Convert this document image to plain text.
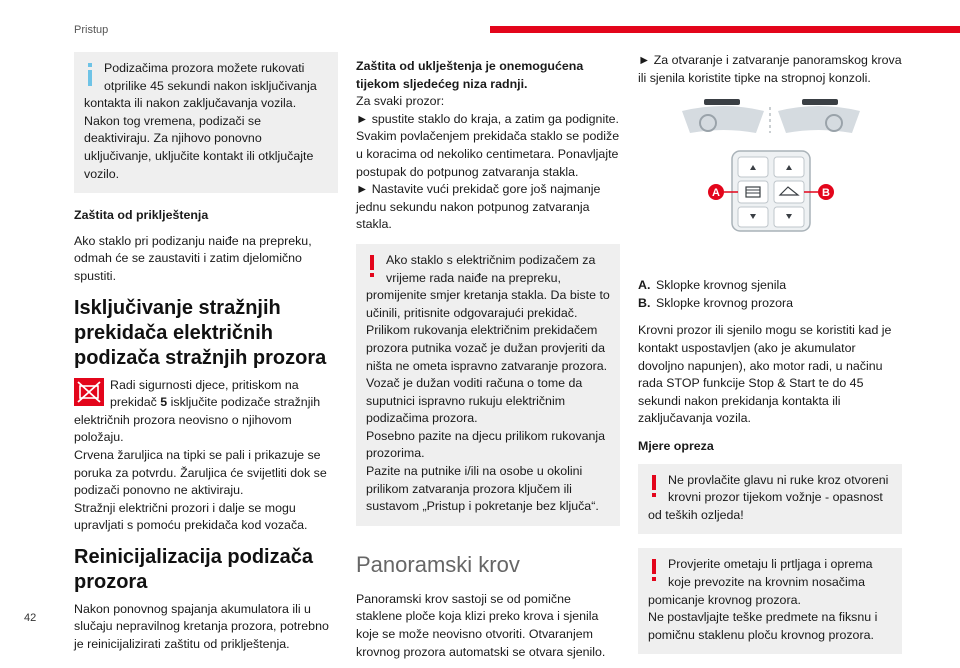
Pristup

Podizačima prozora možete rukovati otprilike 45 sekundi nakon isključivanja

kontakta ili nakon zaključavanja vozila. Nakon tog vremena, podizači se deaktiviraju. Za njihovo ponovno uključivanje, uključite kontakt ili otključajte vozilo.

Zaštita od priklještenja

Ako staklo pri podizanju naiđe na prepreku, odmah će se zaustaviti i zatim djelomično spustiti.

Isključivanje stražnjih prekidača električnih podizača stražnjih prozora

Radi sigurnosti djece, pritiskom na prekidač 5 isključite podizače stražnjih električnih prozora neovisno o njihovom položaju.

Crvena žaruljica na tipki se pali i prikazuje se poruka za potvrdu. Žaruljica će svijetliti dok se podizači ponovno ne aktiviraju.

Stražnji električni prozori i dalje se mogu upravljati s pomoću prekidača kod vozača.

Reinicijalizacija podizača prozora

Nakon ponovnog spajanja akumulatora ili u slučaju nepravilnog kretanja prozora, potrebno je reinicijalizirati zaštitu od priklještenja.

Zaštita od uklještenja je onemogućena tijekom sljedećeg niza radnji.

Za svaki prozor:

► spustite staklo do kraja, a zatim ga podignite. Svakim povlačenjem prekidača staklo se podiže u koracima od nekoliko centimetara. Ponavljajte postupak do potpunog zatvaranja stakla.

► Nastavite vući prekidač gore još najmanje jednu sekundu nakon potpunog zatvaranja stakla.

Ako staklo s električnim podizačem za vrijeme rada naiđe na prepreku,

promijenite smjer kretanja stakla. Da biste to učinili, pritisnite odgovarajući prekidač.

Prilikom rukovanja električnim prekidačem prozora putnika vozač je dužan provjeriti da ništa ne ometa ispravno zatvaranje prozora.

Vozač je dužan voditi računa o tome da suputnici ispravno rukuju električnim podizačima prozora.

Posebno pazite na djecu prilikom rukovanja prozorima.

Pazite na putnike i/ili na osobe u okolini prilikom zatvaranja prozora ključem ili sustavom „Pristup i pokretanje bez ključa“.

Panoramski krov

Panoramski krov sastoji se od pomične staklene ploče koja klizi preko krova i sjenila koje se može neovisno otvoriti. Otvaranjem krovnog prozora automatski se otvara sjenilo.

► Za otvaranje i zatvaranje panoramskog krova ili sjenila koristite tipke na stropnoj konzoli.

A	B
A. Sklopke krovnog sjenila
B. Sklopke krovnog prozora

Krovni prozor ili sjenilo mogu se koristiti kad je kontakt uspostavljen (ako je akumulator dovoljno napunjen), ako motor radi, u načinu rada STOP funkcije Stop & Start te do 45 sekundi nakon prekidanja kontakta ili zaključavanja vozila.

Mjere opreza

Ne provlačite glavu ni ruke kroz otvoreni krovni prozor tijekom vožnje - opasnost

od teških ozljeda!

Provjerite ometaju li prtljaga i oprema koje prevozite na krovnim nosačima

pomicanje krovnog prozora.

Ne postavljajte teške predmete na fiksnu i pomičnu staklenu ploču krovnog prozora.

42
